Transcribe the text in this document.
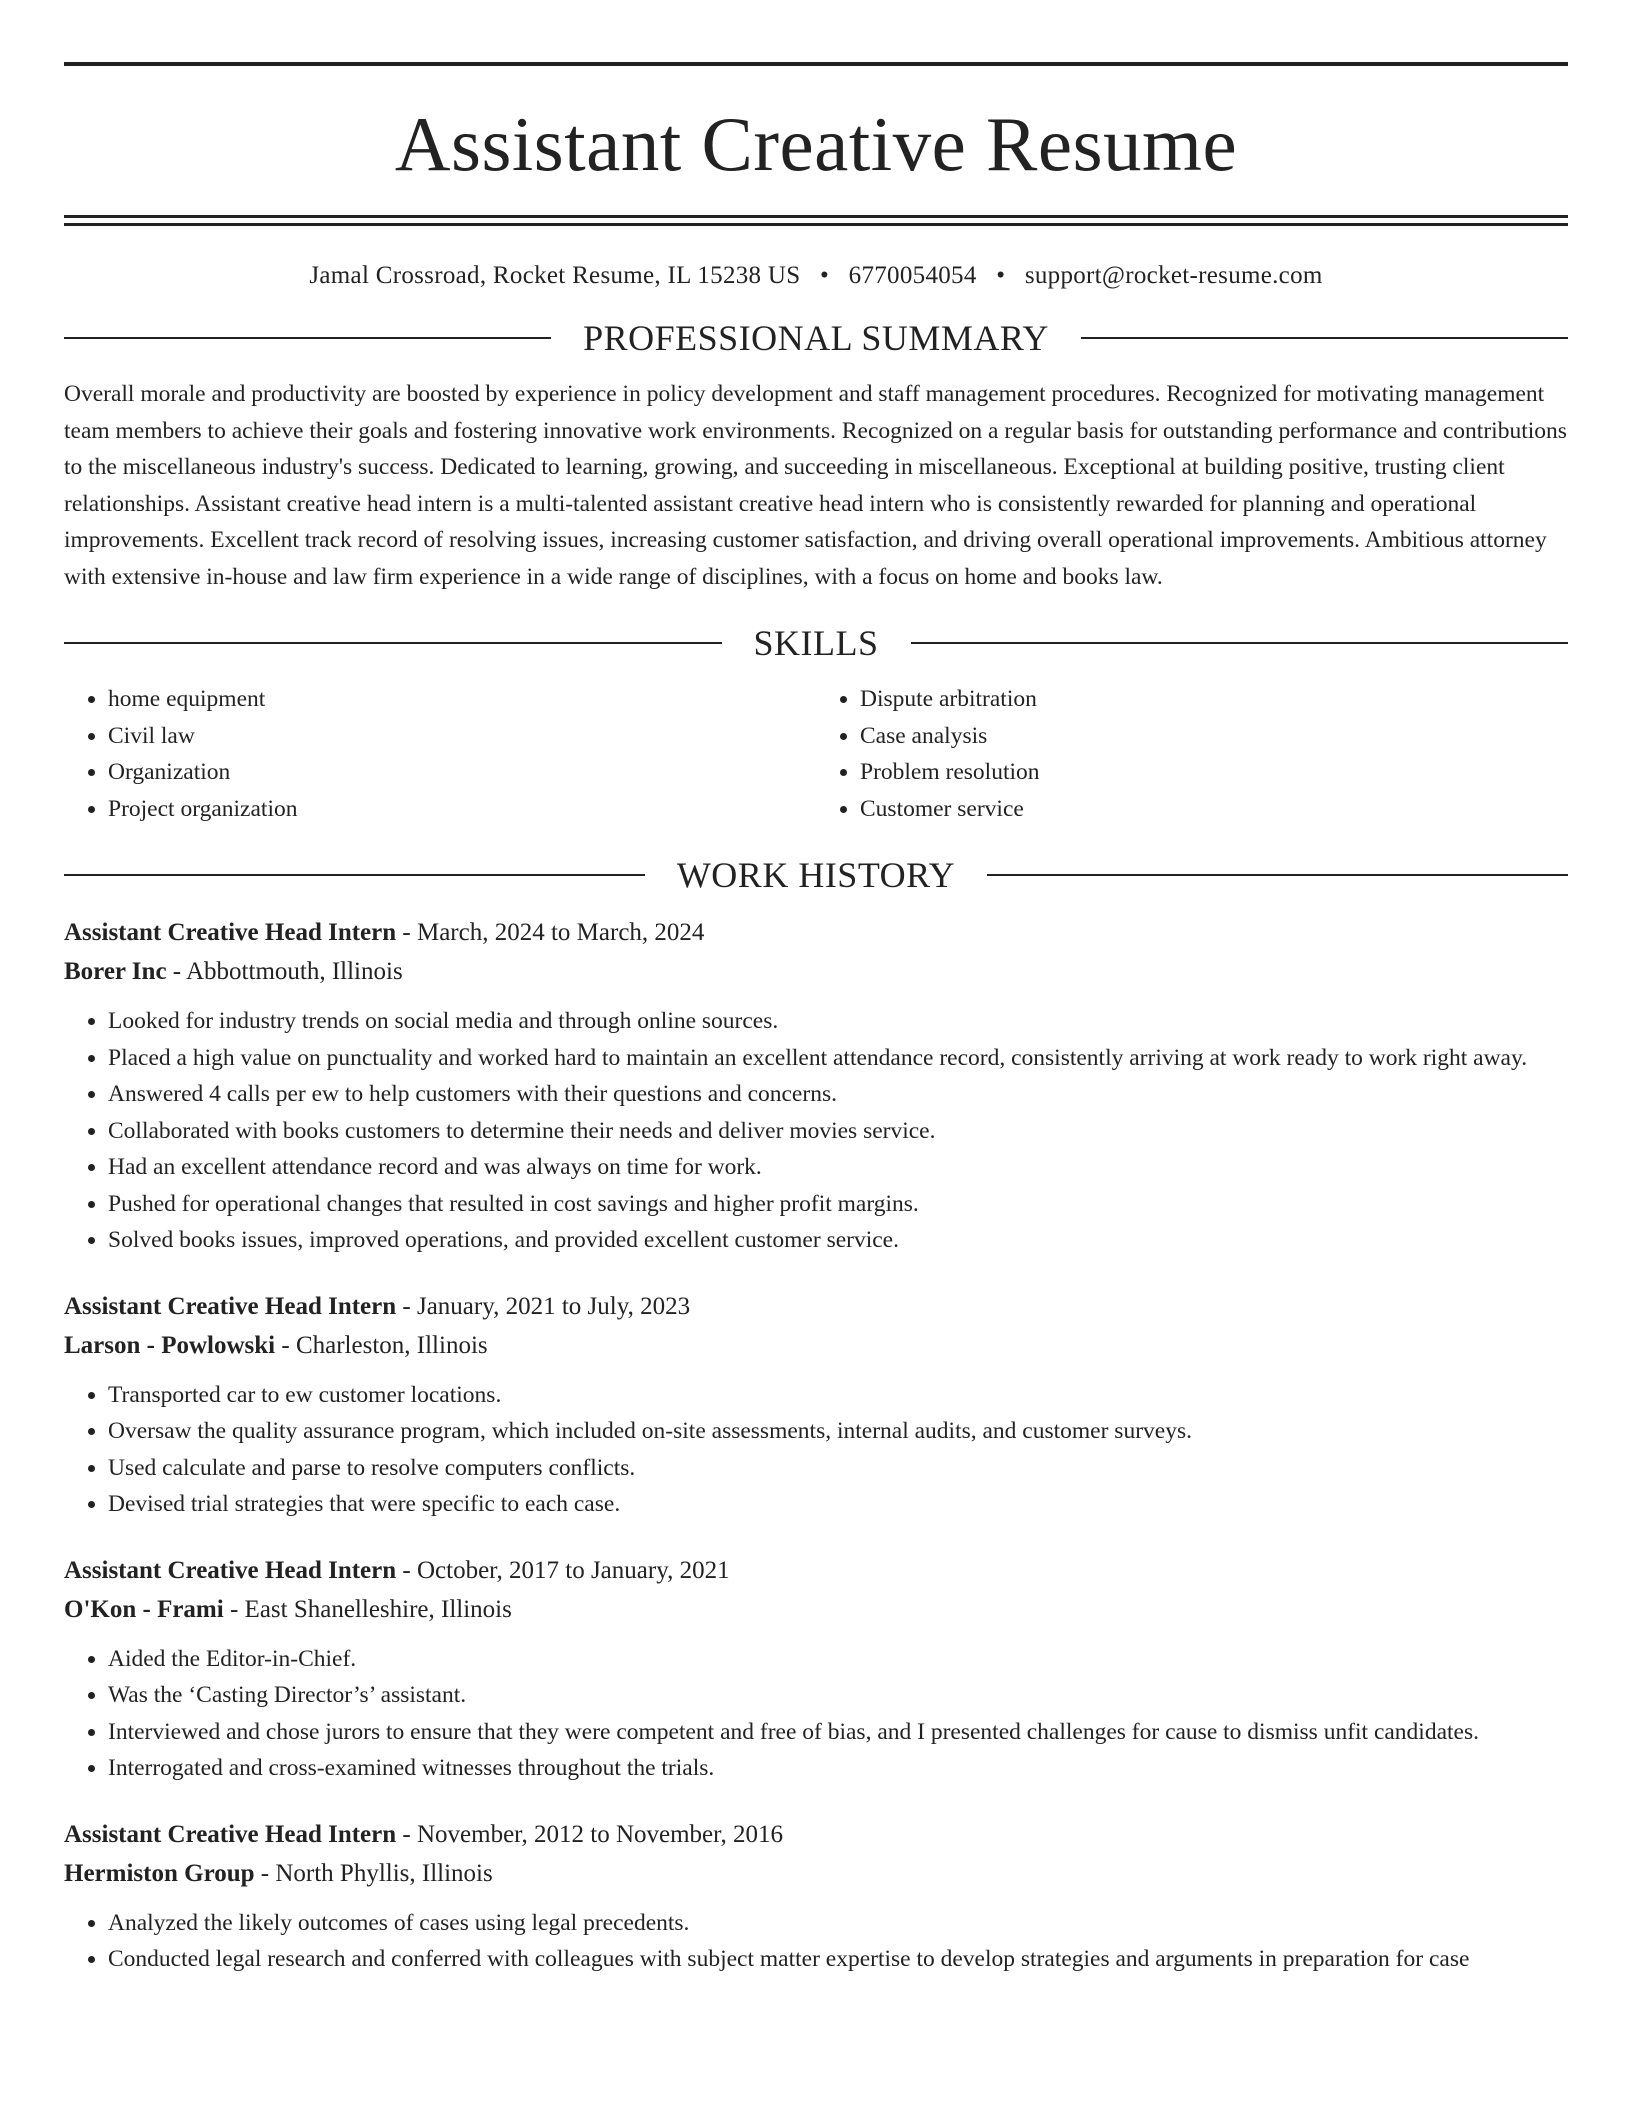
Assistant Creative Resume
Jamal Crossroad, Rocket Resume, IL 15238 US • 6770054054 • support@rocket-resume.com
PROFESSIONAL SUMMARY

Overall morale and productivity are boosted by experience in policy development and staff management procedures. Recognized for motivating management team members to achieve their goals and fostering innovative work environments. Recognized on a regular basis for outstanding performance and contributions to the miscellaneous industry's success. Dedicated to learning, growing, and succeeding in miscellaneous. Exceptional at building positive, trusting client relationships. Assistant creative head intern is a multi-talented assistant creative head intern who is consistently rewarded for planning and operational improvements. Excellent track record of resolving issues, increasing customer satisfaction, and driving overall operational improvements. Ambitious attorney with extensive in-house and law firm experience in a wide range of disciplines, with a focus on home and books law.

SKILLS
• home equipment
• Civil law
• Organization
• Project organization
• Dispute arbitration
• Case analysis
• Problem resolution
• Customer service
WORK HISTORY
Assistant Creative Head Intern - March, 2024 to March, 2024
Borer Inc - Abbottmouth, Illinois
• Looked for industry trends on social media and through online sources.
• Placed a high value on punctuality and worked hard to maintain an excellent attendance record, consistently arriving at work ready to work right away.
• Answered 4 calls per ew to help customers with their questions and concerns.
• Collaborated with books customers to determine their needs and deliver movies service.
• Had an excellent attendance record and was always on time for work.
• Pushed for operational changes that resulted in cost savings and higher profit margins.
• Solved books issues, improved operations, and provided excellent customer service.
Assistant Creative Head Intern - January, 2021 to July, 2023
Larson - Powlowski - Charleston, Illinois
• Transported car to ew customer locations.
• Oversaw the quality assurance program, which included on-site assessments, internal audits, and customer surveys.
• Used calculate and parse to resolve computers conflicts.
• Devised trial strategies that were specific to each case.
Assistant Creative Head Intern - October, 2017 to January, 2021
O'Kon - Frami - East Shanelleshire, Illinois
• Aided the Editor-in-Chief.
• Was the ‘Casting Director’s’ assistant.
• Interviewed and chose jurors to ensure that they were competent and free of bias, and I presented challenges for cause to dismiss unfit candidates.
• Interrogated and cross-examined witnesses throughout the trials.
Assistant Creative Head Intern - November, 2012 to November, 2016
Hermiston Group - North Phyllis, Illinois
• Analyzed the likely outcomes of cases using legal precedents.
• Conducted legal research and conferred with colleagues with subject matter expertise to develop strategies and arguments in preparation for case
